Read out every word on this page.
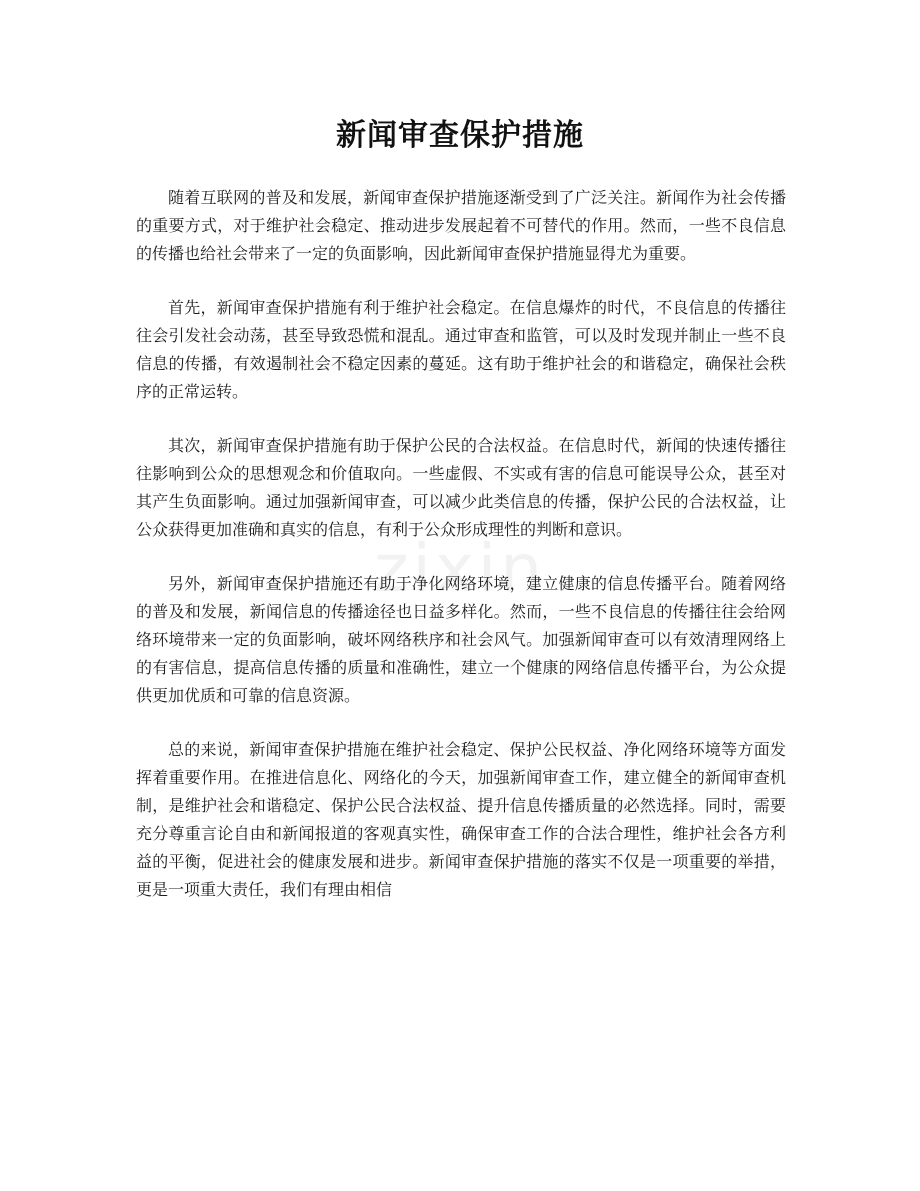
新闻审查保护措施
zixin

随着互联网的普及和发展，新闻审查保护措施逐渐受到了广泛关注。新闻作为社会传播的重要方式，对于维护社会稳定、推动进步发展起着不可替代的作用。然而，一些不良信息的传播也给社会带来了一定的负面影响，因此新闻审查保护措施显得尤为重要。

首先，新闻审查保护措施有利于维护社会稳定。在信息爆炸的时代，不良信息的传播往往会引发社会动荡，甚至导致恐慌和混乱。通过审查和监管，可以及时发现并制止一些不良信息的传播，有效遏制社会不稳定因素的蔓延。这有助于维护社会的和谐稳定，确保社会秩序的正常运转。

其次，新闻审查保护措施有助于保护公民的合法权益。在信息时代，新闻的快速传播往往影响到公众的思想观念和价值取向。一些虚假、不实或有害的信息可能误导公众，甚至对其产生负面影响。通过加强新闻审查，可以减少此类信息的传播，保护公民的合法权益，让公众获得更加准确和真实的信息，有利于公众形成理性的判断和意识。

另外，新闻审查保护措施还有助于净化网络环境，建立健康的信息传播平台。随着网络的普及和发展，新闻信息的传播途径也日益多样化。然而，一些不良信息的传播往往会给网络环境带来一定的负面影响，破坏网络秩序和社会风气。加强新闻审查可以有效清理网络上的有害信息，提高信息传播的质量和准确性，建立一个健康的网络信息传播平台，为公众提供更加优质和可靠的信息资源。

总的来说，新闻审查保护措施在维护社会稳定、保护公民权益、净化网络环境等方面发挥着重要作用。在推进信息化、网络化的今天，加强新闻审查工作，建立健全的新闻审查机制，是维护社会和谐稳定、保护公民合法权益、提升信息传播质量的必然选择。同时，需要充分尊重言论自由和新闻报道的客观真实性，确保审查工作的合法合理性，维护社会各方利益的平衡，促进社会的健康发展和进步。新闻审查保护措施的落实不仅是一项重要的举措，更是一项重大责任，我们有理由相信
